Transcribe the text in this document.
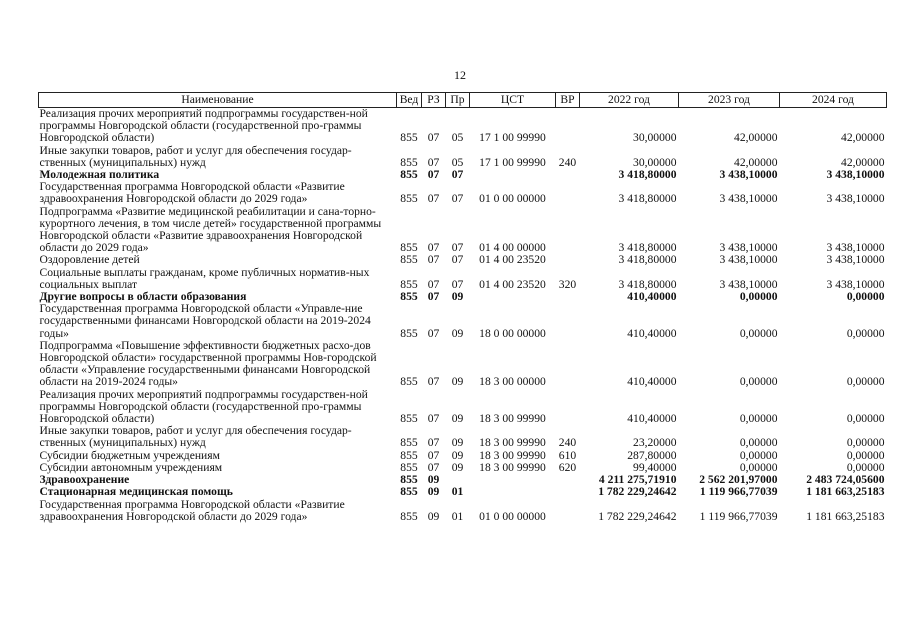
12
Наименование	Вед	РЗ	Пр	ЦСТ	ВР	2022 год	2023 год	2024 год
Реализация прочих мероприятий подпрограммы государствен-ной программы Новгородской области (государственной про-граммы Новгородской области)	855	07	05	17 1 00 99990		30,00000	42,00000	42,00000
Иные закупки товаров, работ и услуг для обеспечения государ-ственных (муниципальных) нужд	855	07	05	17 1 00 99990	240	30,00000	42,00000	42,00000
Молодежная политика	855	07	07			3 418,80000	3 438,10000	3 438,10000
Государственная программа Новгородской области «Развитие здравоохранения Новгородской области до 2029 года»	855	07	07	01 0 00 00000		3 418,80000	3 438,10000	3 438,10000
Подпрограмма «Развитие медицинской реабилитации и сана-торно-курортного лечения, в том числе детей» государственной программы Новгородской области «Развитие здравоохранения Новгородской области до 2029 года»	855	07	07	01 4 00 00000		3 418,80000	3 438,10000	3 438,10000
Оздоровление детей	855	07	07	01 4 00 23520		3 418,80000	3 438,10000	3 438,10000
Социальные выплаты гражданам, кроме публичных норматив-ных социальных выплат	855	07	07	01 4 00 23520	320	3 418,80000	3 438,10000	3 438,10000
Другие вопросы в области образования	855	07	09			410,40000	0,00000	0,00000
Государственная программа Новгородской области «Управле-ние государственными финансами Новгородской области на 2019-2024 годы»	855	07	09	18 0 00 00000		410,40000	0,00000	0,00000
Подпрограмма «Повышение эффективности бюджетных расхо-дов Новгородской области» государственной программы Нов-городской области «Управление государственными финансами Новгородской области на 2019-2024 годы»	855	07	09	18 3 00 00000		410,40000	0,00000	0,00000
Реализация прочих мероприятий подпрограммы государствен-ной программы Новгородской области (государственной про-граммы Новгородской области)	855	07	09	18 3 00 99990		410,40000	0,00000	0,00000
Иные закупки товаров, работ и услуг для обеспечения государ-ственных (муниципальных) нужд	855	07	09	18 3 00 99990	240	23,20000	0,00000	0,00000
Субсидии бюджетным учреждениям	855	07	09	18 3 00 99990	610	287,80000	0,00000	0,00000
Субсидии автономным учреждениям	855	07	09	18 3 00 99990	620	99,40000	0,00000	0,00000
Здравоохранение	855	09				4 211 275,71910	2 562 201,97000	2 483 724,05600
Стационарная медицинская помощь	855	09	01			1 782 229,24642	1 119 966,77039	1 181 663,25183
Государственная программа Новгородской области «Развитие здравоохранения Новгородской области до 2029 года»	855	09	01	01 0 00 00000		1 782 229,24642	1 119 966,77039	1 181 663,25183
